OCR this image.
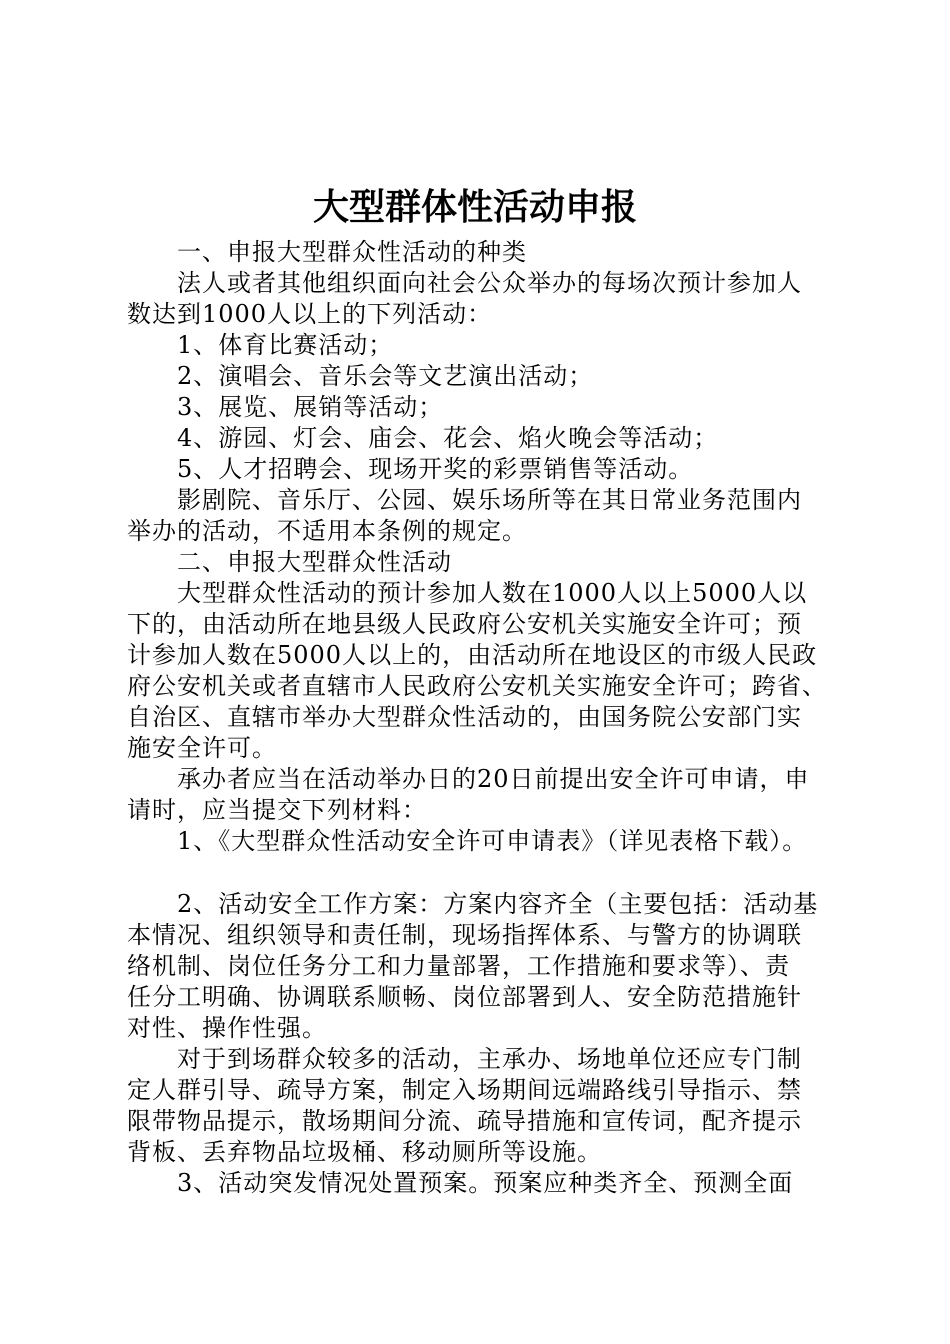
大型群体性活动申报
　　一、申报大型群众性活动的种类
　　法人或者其他组织面向社会公众举办的每场次预计参加人
数达到1000人以上的下列活动：
　　1、体育比赛活动；
　　2、演唱会、音乐会等文艺演出活动；
　　3、展览、展销等活动；
　　4、游园、灯会、庙会、花会、焰火晚会等活动；
　　5、人才招聘会、现场开奖的彩票销售等活动。
　　影剧院、音乐厅、公园、娱乐场所等在其日常业务范围内
举办的活动，不适用本条例的规定。
　　二、申报大型群众性活动
　　大型群众性活动的预计参加人数在1000人以上5000人以
下的，由活动所在地县级人民政府公安机关实施安全许可；预
计参加人数在5000人以上的，由活动所在地设区的市级人民政
府公安机关或者直辖市人民政府公安机关实施安全许可；跨省、
自治区、直辖市举办大型群众性活动的，由国务院公安部门实
施安全许可。
　　承办者应当在活动举办日的20日前提出安全许可申请，申
请时，应当提交下列材料：
　　1、《大型群众性活动安全许可申请表》（详见表格下载）。
　　2、活动安全工作方案：方案内容齐全（主要包括：活动基
本情况、组织领导和责任制，现场指挥体系、与警方的协调联
络机制、岗位任务分工和力量部署，工作措施和要求等）、责
任分工明确、协调联系顺畅、岗位部署到人、安全防范措施针
对性、操作性强。
　　对于到场群众较多的活动，主承办、场地单位还应专门制
定人群引导、疏导方案，制定入场期间远端路线引导指示、禁
限带物品提示，散场期间分流、疏导措施和宣传词，配齐提示
背板、丢弃物品垃圾桶、移动厕所等设施。
　　3、活动突发情况处置预案。预案应种类齐全、预测全面
